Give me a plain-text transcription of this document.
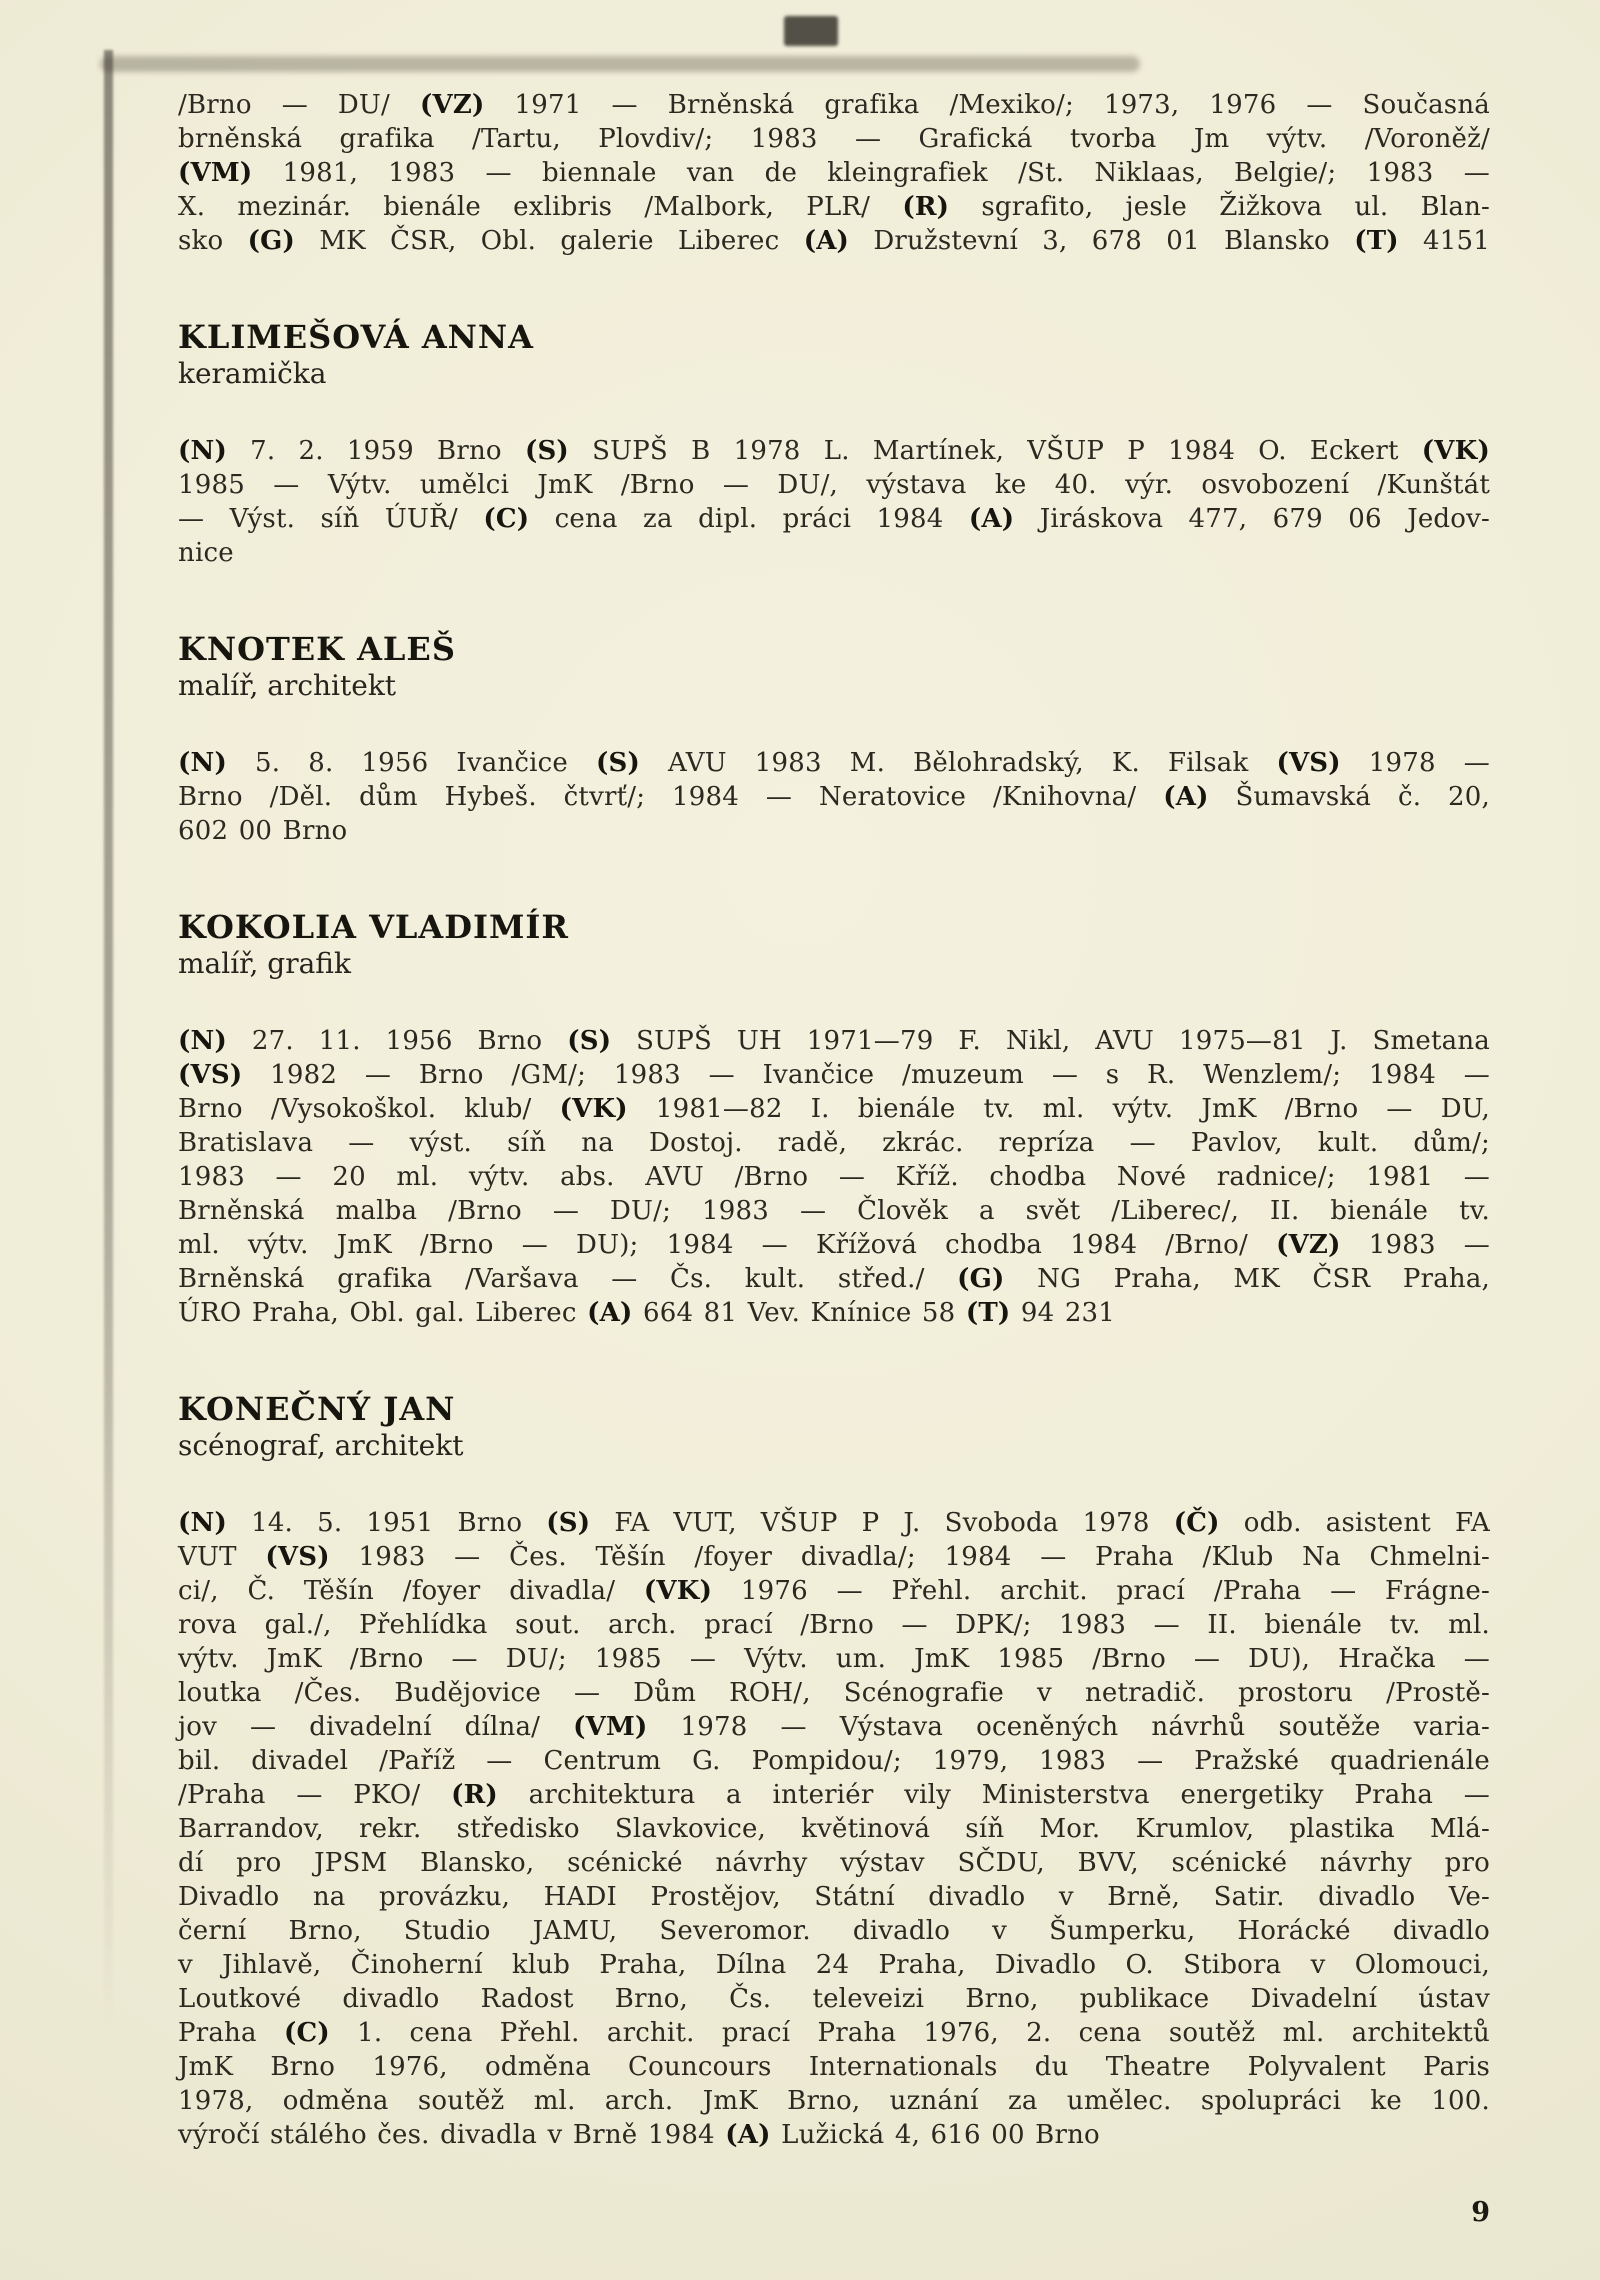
/Brno — DU/ (VZ) 1971 — Brněnská grafika /Mexiko/; 1973, 1976 — Současná
brněnská grafika /Tartu, Plovdiv/; 1983 — Grafická tvorba Jm výtv. /Voroněž/
(VM) 1981, 1983 — biennale van de kleingrafiek /St. Niklaas, Belgie/; 1983 —
X. mezinár. bienále exlibris /Malbork, PLR/ (R) sgrafito, jesle Žižkova ul. Blan-
sko (G) MK ČSR, Obl. galerie Liberec (A) Družstevní 3, 678 01 Blansko (T) 4151
KLIMEŠOVÁ ANNA
keramička
(N) 7. 2. 1959 Brno (S) SUPŠ B 1978 L. Martínek, VŠUP P 1984 O. Eckert (VK)
1985 — Výtv. umělci JmK /Brno — DU/, výstava ke 40. výr. osvobození /Kunštát
— Výst. síň ÚUŘ/ (C) cena za dipl. práci 1984 (A) Jiráskova 477, 679 06 Jedov-
nice
KNOTEK ALEŠ
malíř, architekt
(N) 5. 8. 1956 Ivančice (S) AVU 1983 M. Bělohradský, K. Filsak (VS) 1978 —
Brno /Děl. dům Hybeš. čtvrť/; 1984 — Neratovice /Knihovna/ (A) Šumavská č. 20,
602 00 Brno
KOKOLIA VLADIMÍR
malíř, grafik
(N) 27. 11. 1956 Brno (S) SUPŠ UH 1971—79 F. Nikl, AVU 1975—81 J. Smetana
(VS) 1982 — Brno /GM/; 1983 — Ivančice /muzeum — s R. Wenzlem/; 1984 —
Brno /Vysokoškol. klub/ (VK) 1981—82 I. bienále tv. ml. výtv. JmK /Brno — DU,
Bratislava — výst. síň na Dostoj. radě, zkrác. repríza — Pavlov, kult. dům/;
1983 — 20 ml. výtv. abs. AVU /Brno — Kříž. chodba Nové radnice/; 1981 —
Brněnská malba /Brno — DU/; 1983 — Člověk a svět /Liberec/, II. bienále tv.
ml. výtv. JmK /Brno — DU); 1984 — Křížová chodba 1984 /Brno/ (VZ) 1983 —
Brněnská grafika /Varšava — Čs. kult. střed./ (G) NG Praha, MK ČSR Praha,
ÚRO Praha, Obl. gal. Liberec (A) 664 81 Vev. Knínice 58 (T) 94 231
KONEČNÝ JAN
scénograf, architekt
(N) 14. 5. 1951 Brno (S) FA VUT, VŠUP P J. Svoboda 1978 (Č) odb. asistent FA
VUT (VS) 1983 — Čes. Těšín /foyer divadla/; 1984 — Praha /Klub Na Chmelni-
ci/, Č. Těšín /foyer divadla/ (VK) 1976 — Přehl. archit. prací /Praha — Frágne-
rova gal./, Přehlídka sout. arch. prací /Brno — DPK/; 1983 — II. bienále tv. ml.
výtv. JmK /Brno — DU/; 1985 — Výtv. um. JmK 1985 /Brno — DU), Hračka —
loutka /Čes. Budějovice — Dům ROH/, Scénografie v netradič. prostoru /Prostě-
jov — divadelní dílna/ (VM) 1978 — Výstava oceněných návrhů soutěže varia-
bil. divadel /Paříž — Centrum G. Pompidou/; 1979, 1983 — Pražské quadrienále
/Praha — PKO/ (R) architektura a interiér vily Ministerstva energetiky Praha —
Barrandov, rekr. středisko Slavkovice, květinová síň Mor. Krumlov, plastika Mlá-
dí pro JPSM Blansko, scénické návrhy výstav SČDU, BVV, scénické návrhy pro
Divadlo na provázku, HADI Prostějov, Státní divadlo v Brně, Satir. divadlo Ve-
černí Brno, Studio JAMU, Severomor. divadlo v Šumperku, Horácké divadlo
v Jihlavě, Činoherní klub Praha, Dílna 24 Praha, Divadlo O. Stibora v Olomouci,
Loutkové divadlo Radost Brno, Čs. televeizi Brno, publikace Divadelní ústav
Praha (C) 1. cena Přehl. archit. prací Praha 1976, 2. cena soutěž ml. architektů
JmK Brno 1976, odměna Councours Internationals du Theatre Polyvalent Paris
1978, odměna soutěž ml. arch. JmK Brno, uznání za umělec. spolupráci ke 100.
výročí stálého čes. divadla v Brně 1984 (A) Lužická 4, 616 00 Brno
9
